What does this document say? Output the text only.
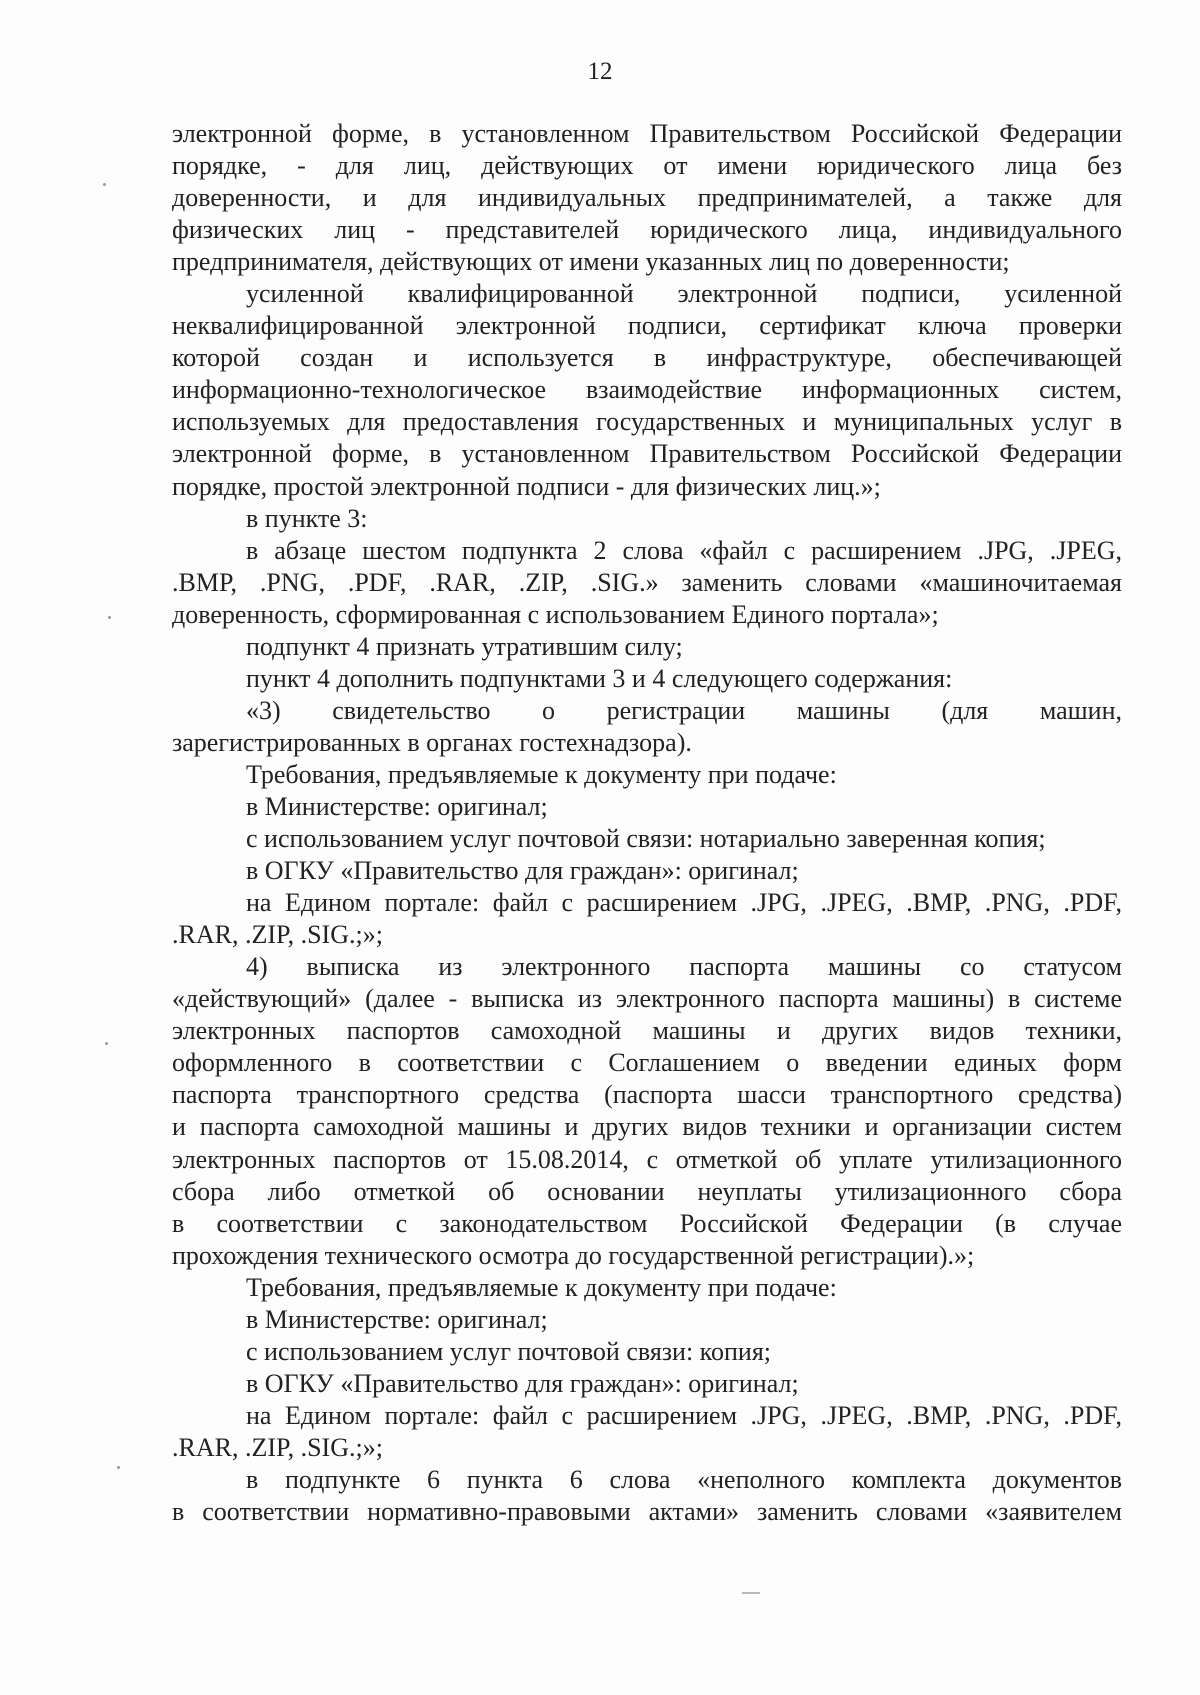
12
электронной форме, в установленном Правительством Российской Федерации
порядке, - для лиц, действующих от имени юридического лица без
доверенности, и для индивидуальных предпринимателей, а также для
физических лиц - представителей юридического лица, индивидуального
предпринимателя, действующих от имени указанных лиц по доверенности;
усиленной квалифицированной электронной подписи, усиленной
неквалифицированной электронной подписи, сертификат ключа проверки
которой создан и используется в инфраструктуре, обеспечивающей
информационно-технологическое взаимодействие информационных систем,
используемых для предоставления государственных и муниципальных услуг в
электронной форме, в установленном Правительством Российской Федерации
порядке, простой электронной подписи - для физических лиц.»;
в пункте 3:
в абзаце шестом подпункта 2 слова «файл с расширением .JPG, .JPEG,
.BMP, .PNG, .PDF, .RAR, .ZIP, .SIG.» заменить словами «машиночитаемая
доверенность, сформированная с использованием Единого портала»;
подпункт 4 признать утратившим силу;
пункт 4 дополнить подпунктами 3 и 4 следующего содержания:
«3) свидетельство о регистрации машины (для машин,
зарегистрированных в органах гостехнадзора).
Требования, предъявляемые к документу при подаче:
в Министерстве: оригинал;
с использованием услуг почтовой связи: нотариально заверенная копия;
в ОГКУ «Правительство для граждан»: оригинал;
на Едином портале: файл с расширением .JPG, .JPEG, .BMP, .PNG, .PDF,
.RAR, .ZIP, .SIG.;»;
4) выписка из электронного паспорта машины со статусом
«действующий» (далее - выписка из электронного паспорта машины) в системе
электронных паспортов самоходной машины и других видов техники,
оформленного в соответствии с Соглашением о введении единых форм
паспорта транспортного средства (паспорта шасси транспортного средства)
и паспорта самоходной машины и других видов техники и организации систем
электронных паспортов от 15.08.2014, с отметкой об уплате утилизационного
сбора либо отметкой об основании неуплаты утилизационного сбора
в соответствии с законодательством Российской Федерации (в случае
прохождения технического осмотра до государственной регистрации).»;
Требования, предъявляемые к документу при подаче:
в Министерстве: оригинал;
с использованием услуг почтовой связи: копия;
в ОГКУ «Правительство для граждан»: оригинал;
на Едином портале: файл с расширением .JPG, .JPEG, .BMP, .PNG, .PDF,
.RAR, .ZIP, .SIG.;»;
в подпункте 6 пункта 6 слова «неполного комплекта документов
в соответствии нормативно-правовыми актами» заменить словами «заявителем
